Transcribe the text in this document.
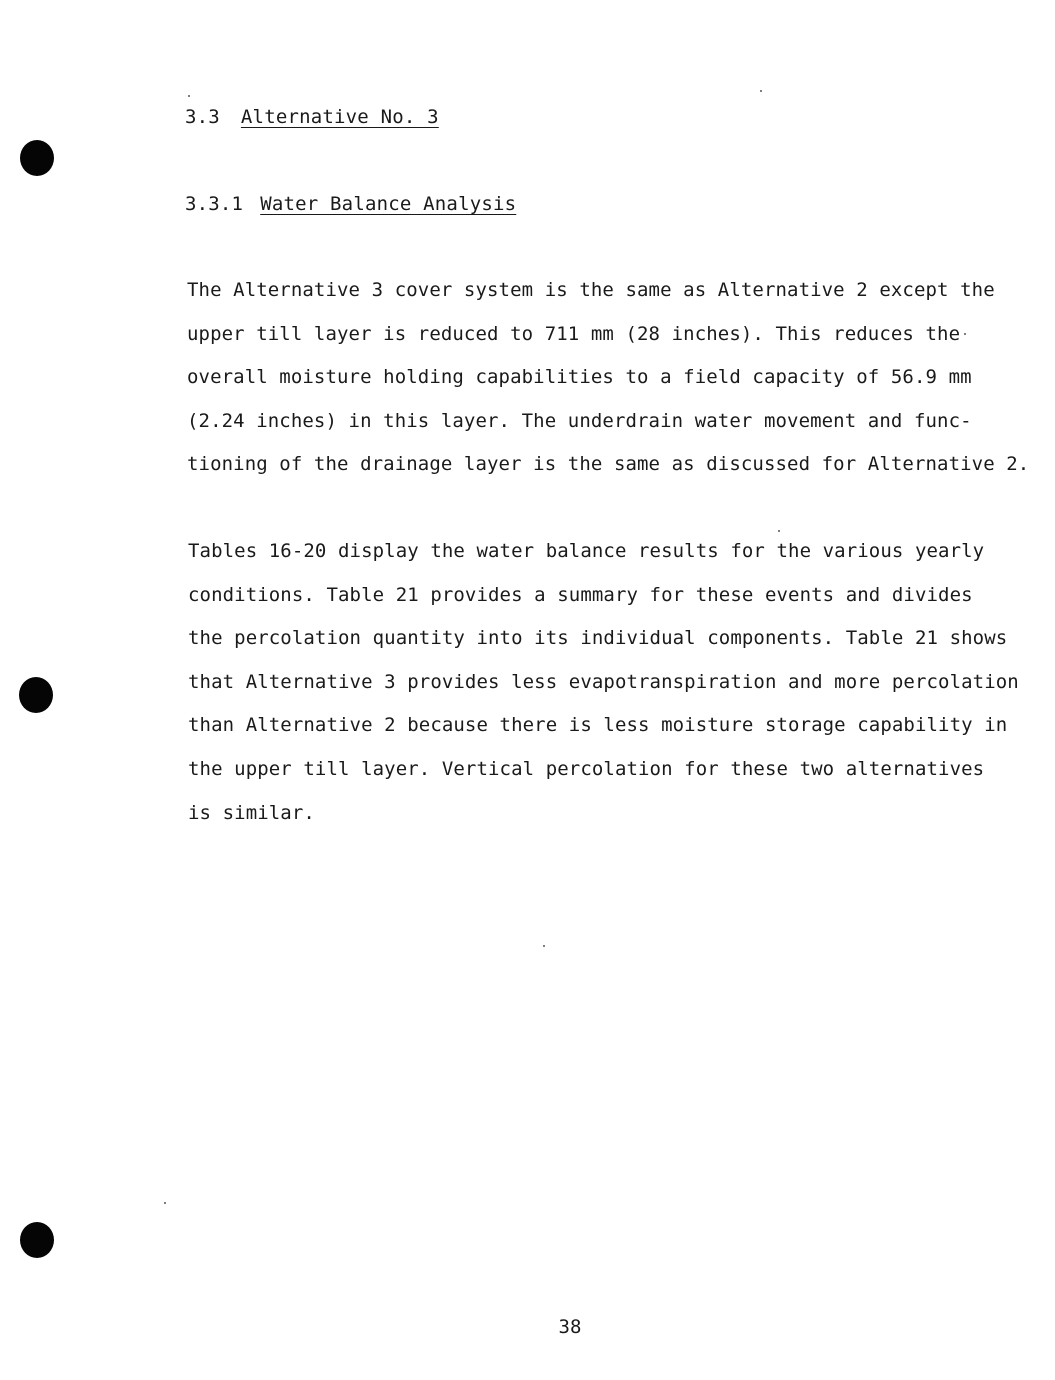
3.3 Alternative No. 3
3.3.1 Water Balance Analysis
The Alternative 3 cover system is the same as Alternative 2 except the
upper till layer is reduced to 711 mm (28 inches). This reduces the
overall moisture holding capabilities to a field capacity of 56.9 mm
(2.24 inches) in this layer. The underdrain water movement and func-
tioning of the drainage layer is the same as discussed for Alternative 2.
Tables 16-20 display the water balance results for the various yearly
conditions. Table 21 provides a summary for these events and divides
the percolation quantity into its individual components. Table 21 shows
that Alternative 3 provides less evapotranspiration and more percolation
than Alternative 2 because there is less moisture storage capability in
the upper till layer. Vertical percolation for these two alternatives
is similar.
38
